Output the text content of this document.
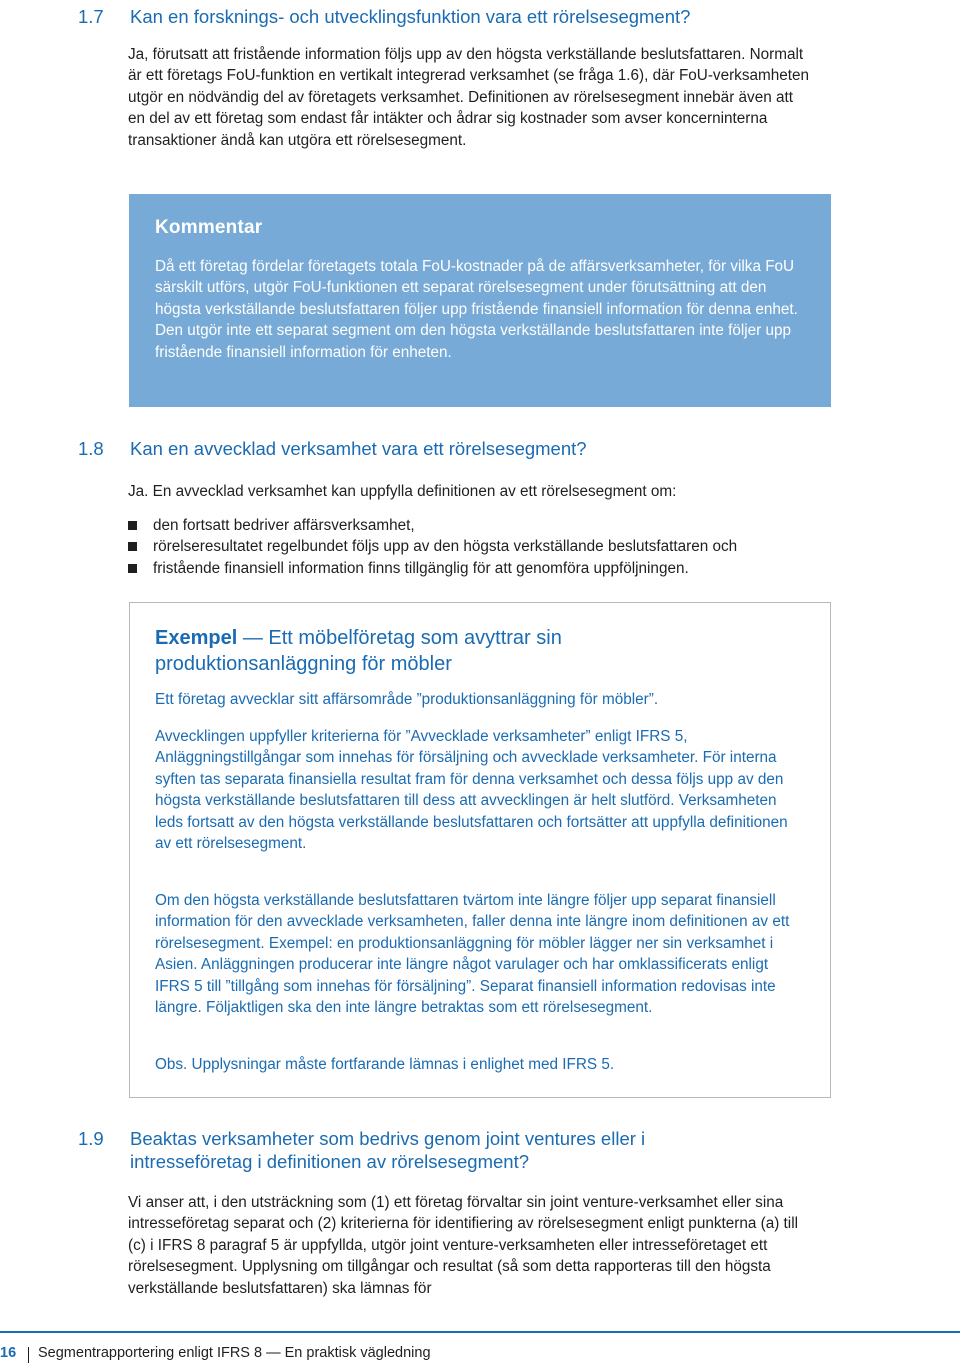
1.7 Kan en forsknings- och utvecklingsfunktion vara ett rörelsesegment?

Ja, förutsatt att fristående information följs upp av den högsta verkställande beslutsfattaren. Normalt är ett företags FoU-funktion en vertikalt integrerad verksamhet (se fråga 1.6), där FoU-verksamheten utgör en nödvändig del av företagets verksamhet. Definitionen av rörelsesegment innebär även att en del av ett företag som endast får intäkter och ådrar sig kostnader som avser koncerninterna transaktioner ändå kan utgöra ett rörelsesegment.

Kommentar

Då ett företag fördelar företagets totala FoU-kostnader på de affärsverksamheter, för vilka FoU särskilt utförs, utgör FoU-funktionen ett separat rörelsesegment under förutsättning att den högsta verkställande beslutsfattaren följer upp fristående finansiell information för denna enhet. Den utgör inte ett separat segment om den högsta verkställande beslutsfattaren inte följer upp fristående finansiell information för enheten.

1.8 Kan en avvecklad verksamhet vara ett rörelsesegment?

Ja. En avvecklad verksamhet kan uppfylla definitionen av ett rörelsesegment om:

den fortsatt bedriver affärsverksamhet,
rörelseresultatet regelbundet följs upp av den högsta verkställande beslutsfattaren och
fristående finansiell information finns tillgänglig för att genomföra uppföljningen.
Exempel — Ett möbelföretag som avyttrar sin produktionsanläggning för möbler

Ett företag avvecklar sitt affärsområde ”produktionsanläggning för möbler”.

Avvecklingen uppfyller kriterierna för ”Avvecklade verksamheter” enligt IFRS 5, Anläggningstillgångar som innehas för försäljning och avvecklade verksamheter. För interna syften tas separata finansiella resultat fram för denna verksamhet och dessa följs upp av den högsta verkställande beslutsfattaren till dess att avvecklingen är helt slutförd. Verksamheten leds fortsatt av den högsta verkställande beslutsfattaren och fortsätter att uppfylla definitionen av ett rörelsesegment.

Om den högsta verkställande beslutsfattaren tvärtom inte längre följer upp separat finansiell information för den avvecklade verksamheten, faller denna inte längre inom definitionen av ett rörelsesegment. Exempel: en produktionsanläggning för möbler lägger ner sin verksamhet i Asien. Anläggningen producerar inte längre något varulager och har omklassificerats enligt IFRS 5 till ”tillgång som innehas för försäljning”. Separat finansiell information redovisas inte längre. Följaktligen ska den inte längre betraktas som ett rörelsesegment.

Obs. Upplysningar måste fortfarande lämnas i enlighet med IFRS 5.

1.9 Beaktas verksamheter som bedrivs genom joint ventures eller i intresseföretag i definitionen av rörelsesegment?

Vi anser att, i den utsträckning som (1) ett företag förvaltar sin joint venture-verksamhet eller sina intresseföretag separat och (2) kriterierna för identifiering av rörelsesegment enligt punkterna (a) till (c) i IFRS 8 paragraf 5 är uppfyllda, utgör joint venture-verksamheten eller intresseföretaget ett rörelsesegment. Upplysning om tillgångar och resultat (så som detta rapporteras till den högsta verkställande beslutsfattaren) ska lämnas för

16 Segmentrapportering enligt IFRS 8 — En praktisk vägledning
